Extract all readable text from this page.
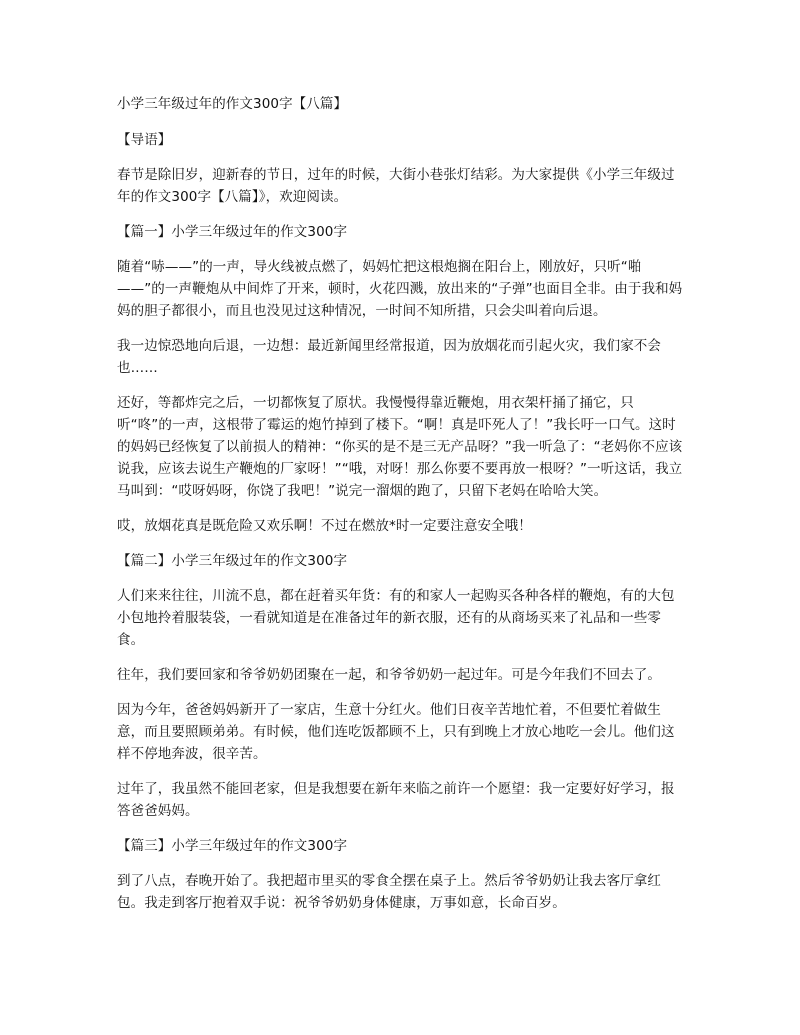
小学三年级过年的作文300字【八篇】

【导语】

春节是除旧岁，迎新春的节日，过年的时候，大街小巷张灯结彩。为大家提供《小学三年级过年的作文300字【八篇】》，欢迎阅读。

【篇一】小学三年级过年的作文300字

随着“哧——”的一声，导火线被点燃了，妈妈忙把这根炮搁在阳台上，刚放好，只听“啪——”的一声鞭炮从中间炸了开来，顿时，火花四溅，放出来的“子弹”也面目全非。由于我和妈妈的胆子都很小，而且也没见过这种情况，一时间不知所措，只会尖叫着向后退。

我一边惊恐地向后退，一边想：最近新闻里经常报道，因为放烟花而引起火灾，我们家不会也……

还好，等都炸完之后，一切都恢复了原状。我慢慢得靠近鞭炮，用衣架杆捅了捅它，只听“咚”的一声，这根带了霉运的炮竹掉到了楼下。“啊！真是吓死人了！”我长吁一口气。这时的妈妈已经恢复了以前损人的精神：“你买的是不是三无产品呀？”我一听急了：“老妈你不应该说我，应该去说生产鞭炮的厂家呀！”“哦，对呀！那么你要不要再放一根呀？”一听这话，我立马叫到：“哎呀妈呀，你饶了我吧！”说完一溜烟的跑了，只留下老妈在哈哈大笑。

哎，放烟花真是既危险又欢乐啊！不过在燃放*时一定要注意安全哦！

【篇二】小学三年级过年的作文300字

人们来来往往，川流不息，都在赶着买年货：有的和家人一起购买各种各样的鞭炮，有的大包小包地拎着服装袋，一看就知道是在准备过年的新衣服，还有的从商场买来了礼品和一些零食。

往年，我们要回家和爷爷奶奶团聚在一起，和爷爷奶奶一起过年。可是今年我们不回去了。

因为今年，爸爸妈妈新开了一家店，生意十分红火。他们日夜辛苦地忙着，不但要忙着做生意，而且要照顾弟弟。有时候，他们连吃饭都顾不上，只有到晚上才放心地吃一会儿。他们这样不停地奔波，很辛苦。

过年了，我虽然不能回老家，但是我想要在新年来临之前许一个愿望：我一定要好好学习，报答爸爸妈妈。

【篇三】小学三年级过年的作文300字

到了八点，春晚开始了。我把超市里买的零食全摆在桌子上。然后爷爷奶奶让我去客厅拿红包。我走到客厅抱着双手说：祝爷爷奶奶身体健康，万事如意，长命百岁。
